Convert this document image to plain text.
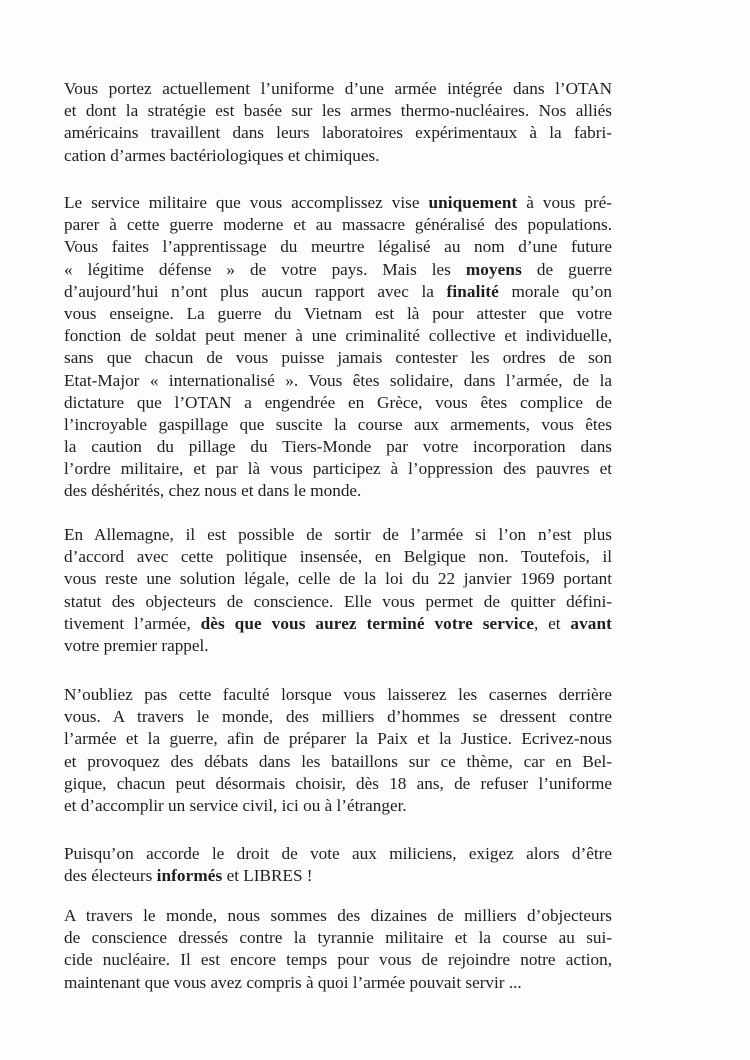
Vous portez actuellement l’uniforme d’une armée intégrée dans l’OTAN
et dont la stratégie est basée sur les armes thermo-nucléaires. Nos alliés
américains travaillent dans leurs laboratoires expérimentaux à la fabri-
cation d’armes bactériologiques et chimiques.
Le service militaire que vous accomplissez vise uniquement à vous pré-
parer à cette guerre moderne et au massacre généralisé des populations.
Vous faites l’apprentissage du meurtre légalisé au nom d’une future
« légitime défense » de votre pays. Mais les moyens de guerre
d’aujourd’hui n’ont plus aucun rapport avec la finalité morale qu’on
vous enseigne. La guerre du Vietnam est là pour attester que votre
fonction de soldat peut mener à une criminalité collective et individuelle,
sans que chacun de vous puisse jamais contester les ordres de son
Etat-Major « internationalisé ». Vous êtes solidaire, dans l’armée, de la
dictature que l’OTAN a engendrée en Grèce, vous êtes complice de
l’incroyable gaspillage que suscite la course aux armements, vous êtes
la caution du pillage du Tiers-Monde par votre incorporation dans
l’ordre militaire, et par là vous participez à l’oppression des pauvres et
des déshérités, chez nous et dans le monde.
En Allemagne, il est possible de sortir de l’armée si l’on n’est plus
d’accord avec cette politique insensée, en Belgique non. Toutefois, il
vous reste une solution légale, celle de la loi du 22 janvier 1969 portant
statut des objecteurs de conscience. Elle vous permet de quitter défini-
tivement l’armée, dès que vous aurez terminé votre service, et avant
votre premier rappel.
N’oubliez pas cette faculté lorsque vous laisserez les casernes derrière
vous. A travers le monde, des milliers d’hommes se dressent contre
l’armée et la guerre, afin de préparer la Paix et la Justice. Ecrivez-nous
et provoquez des débats dans les bataillons sur ce thème, car en Bel-
gique, chacun peut désormais choisir, dès 18 ans, de refuser l’uniforme
et d’accomplir un service civil, ici ou à l’étranger.
Puisqu’on accorde le droit de vote aux miliciens, exigez alors d’être
des électeurs informés et LIBRES !
A travers le monde, nous sommes des dizaines de milliers d’objecteurs
de conscience dressés contre la tyrannie militaire et la course au sui-
cide nucléaire. Il est encore temps pour vous de rejoindre notre action,
maintenant que vous avez compris à quoi l’armée pouvait servir ...
